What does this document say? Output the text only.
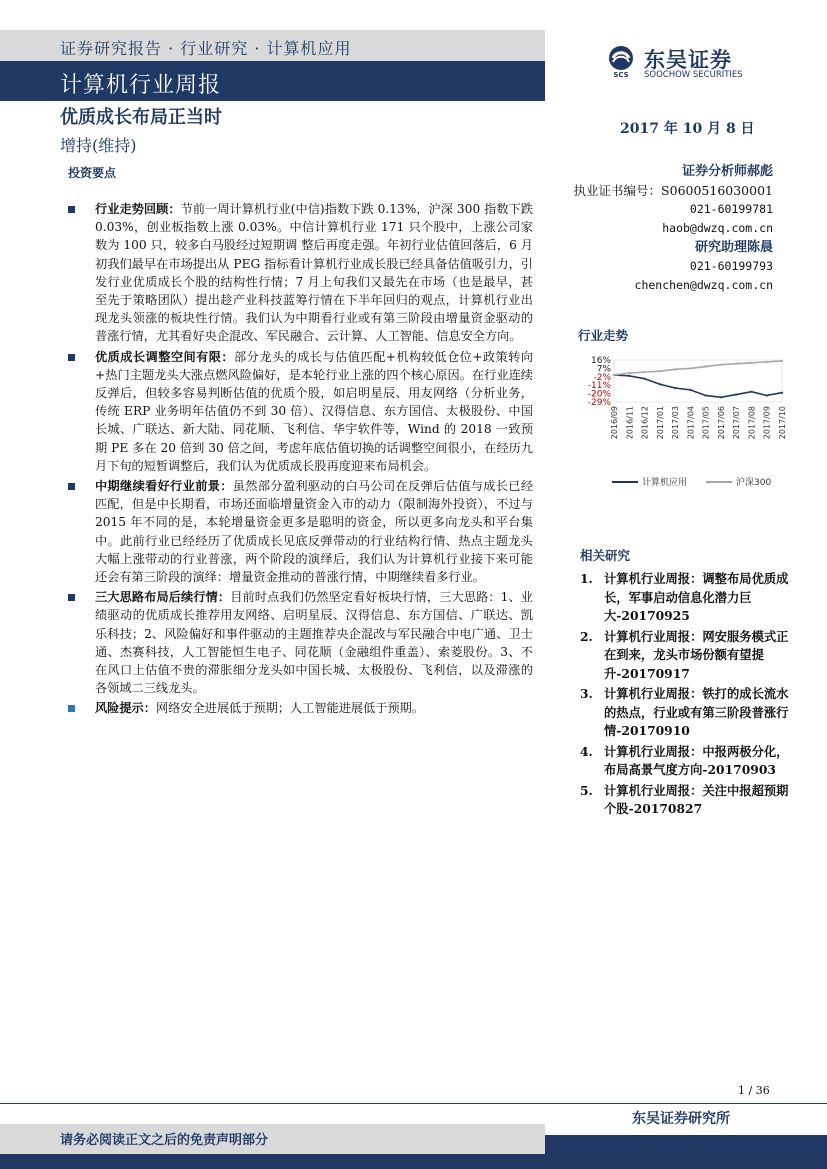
证券研究报告 · 行业研究 · 计算机应用
计算机行业周报	SCS
东吴证券
SOOCHOW SECURITIES
优质成长布局正当时
增持(维持)
2017 年 10 月 8 日
投资要点
行业走势回顾：节前一周计算机行业(中信)指数下跌 0.13%，沪深 300 指数下跌 0.03%，创业板指数上涨 0.03%。中信计算机行业 171 只个股中，上涨公司家数为 100 只，较多白马股经过短期调 整后再度走强。年初行业估值回落后，6 月初我们最早在市场提出从 PEG 指标看计算机行业成长股已经具备估值吸引力，引发行业优质成长个股的结构性行情；7 月上旬我们又最先在市场（也是最早，甚至先于策略团队）提出趁产业科技蓝筹行情在下半年回归的观点，计算机行业出现龙头领涨的板块性行情。我们认为中期看行业或有第三阶段由增量资金驱动的普涨行情，尤其看好央企混改、军民融合、云计算、人工智能、信息安全方向。
优质成长调整空间有限：部分龙头的成长与估值匹配+机构较低仓位+政策转向+热门主题龙头大涨点燃风险偏好，是本轮行业上涨的四个核心原因。在行业连续反弹后，但较多容易判断估值的优质个股，如启明星辰、用友网络（分析业务，传统 ERP 业务明年估值仍不到 30 倍）、汉得信息、东方国信、太极股份、中国长城、广联达、新大陆、同花顺、飞利信、华宇软件等，Wind 的 2018 一致预期 PE 多在 20 倍到 30 倍之间，考虑年底估值切换的话调整空间很小，在经历九月下旬的短暂调整后，我们认为优质成长股再度迎来布局机会。
中期继续看好行业前景：虽然部分盈利驱动的白马公司在反弹后估值与成长已经匹配，但是中长期看，市场还面临增量资金入市的动力（限制海外投资），不过与 2015 年不同的是，本轮增量资金更多是聪明的资金，所以更多向龙头和平台集中。此前行业已经经历了优质成长见底反弹带动的行业结构行情、热点主题龙头大幅上涨带动的行业普涨，两个阶段的演绎后，我们认为计算机行业接下来可能还会有第三阶段的演绎：增量资金推动的普涨行情，中期继续看多行业。
三大思路布局后续行情：目前时点我们仍然坚定看好板块行情，三大思路：1、业绩驱动的优质成长推荐用友网络、启明星辰、汉得信息、东方国信、广联达、凯乐科技；2、风险偏好和事件驱动的主题推荐央企混改与军民融合中电广通、卫士通、杰赛科技，人工智能恒生电子、同花顺（金融组件重盖）、索菱股份。3、不在风口上估值不贵的滞胀细分龙头如中国长城、太极股份、飞利信，以及滞涨的各领域二三线龙头。
风险提示：网络安全进展低于预期；人工智能进展低于预期。
证券分析师郝彪
执业证书编号：S0600516030001
021-60199781
haob@dwzq.com.cn
研究助理陈晨
021-60199793
chenchen@dwzq.com.cn
行业走势
16%
7%
-2%
-11%
-20%
-29%
2016/09 2016/11 2016/12 2017/01 2017/03 2017/04 2017/05 2017/06 2017/07 2017/08 2017/09 2017/10
计算机应用	沪深300
相关研究
1. 计算机行业周报：调整布局优质成长，军事启动信息化潜力巨大-20170925
2. 计算机行业周报：网安服务模式正在到来，龙头市场份额有望提升-20170917
3. 计算机行业周报：铁打的成长流水的热点，行业或有第三阶段普涨行情-20170910
4. 计算机行业周报：中报两极分化，布局高景气度方向-20170903
5. 计算机行业周报：关注中报超预期个股-20170827
1 / 36
东吴证券研究所
请务必阅读正文之后的免责声明部分
